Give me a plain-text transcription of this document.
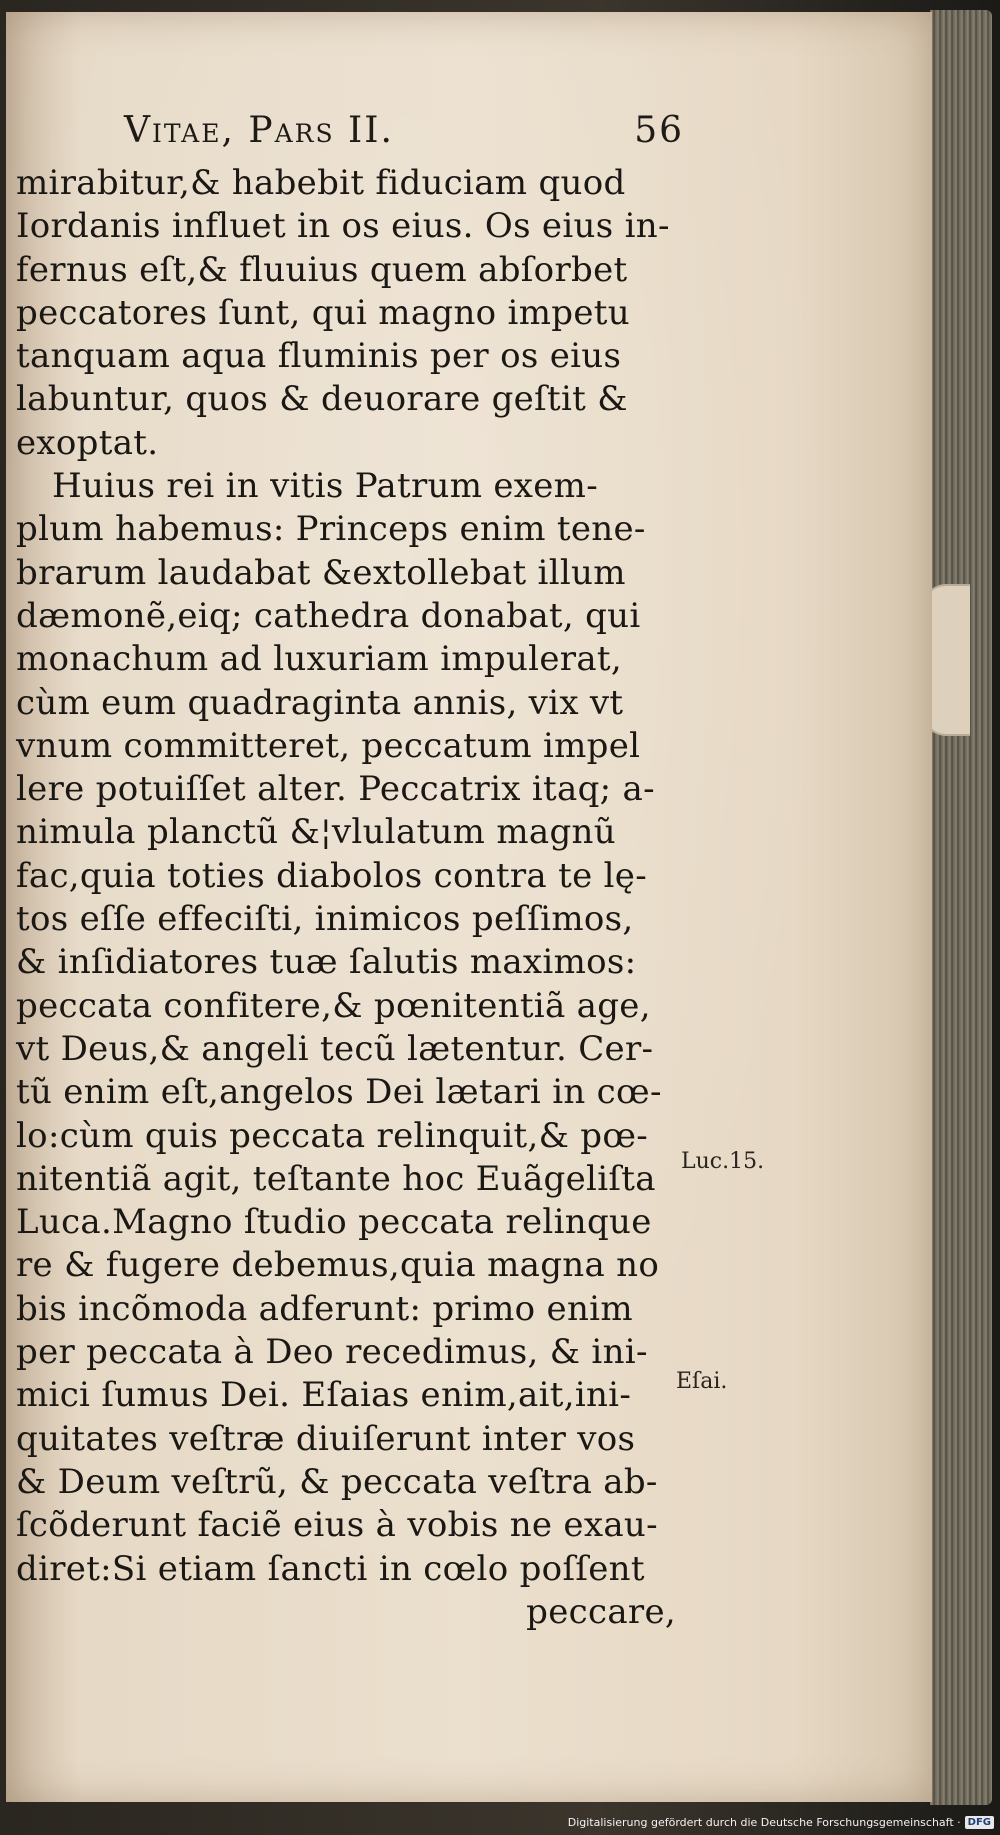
Vitae, Pars II.	56
mirabitur,& habebit fiduciam quod
Iordanis influet in os eius. Os eius in-
fernus eſt,& fluuius quem abſorbet
peccatores ſunt, qui magno impetu
tanquam aqua fluminis per os eius
labuntur, quos & deuorare geſtit &
exoptat.
Huius rei in vitis Patrum exem-
plum habemus: Princeps enim tene-
brarum laudabat &extollebat illum
dæmonẽ,eiq; cathedra donabat, qui
monachum ad luxuriam impulerat,
cùm eum quadraginta annis, vix vt
vnum committeret, peccatum impel
lere potuiſſet alter. Peccatrix itaq; a-
nimula planctũ &¦vlulatum magnũ
fac,quia toties diabolos contra te lę-
tos eſſe effeciſti, inimicos peſſimos,
& inſidiatores tuæ ſalutis maximos:
peccata confitere,& pœnitentiã age,
vt Deus,& angeli tecũ lætentur. Cer-
tũ enim eſt,angelos Dei lætari in cœ-
lo:cùm quis peccata relinquit,& pœ-
nitentiã agit, teſtante hoc Euãgeliſta
Luca.Magno ſtudio peccata relinque
re & fugere debemus,quia magna no
bis incõmoda adferunt: primo enim
per peccata à Deo recedimus, & ini-
mici ſumus Dei. Eſaias enim,ait,ini-
quitates veſtræ diuiſerunt inter vos
& Deum veſtrũ, & peccata veſtra ab-
ſcõderunt faciẽ eius à vobis ne exau-
diret:Si etiam ſancti in cœlo poſſent
peccare,
Luc.15.
Eſai.
Digitalisierung gefördert durch die Deutsche Forschungsgemeinschaft · DFG
